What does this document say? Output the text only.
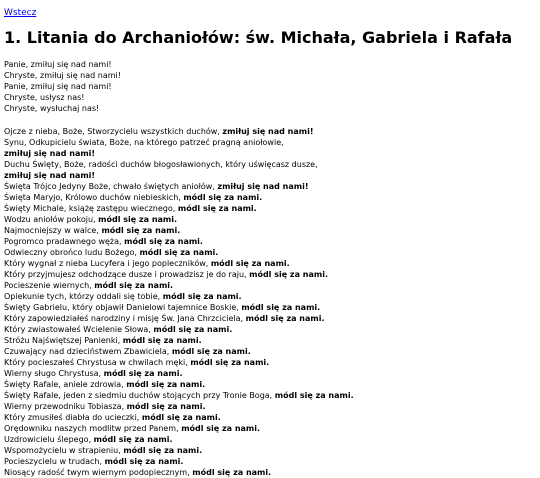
Wstecz
1. Litania do Archaniołów: św. Michała, Gabriela i Rafała
Panie, zmiłuj się nad nami!
Chryste, zmiłuj się nad nami!
Panie, zmiłuj się nad nami!
Chryste, usłysz nas!
Chryste, wysłuchaj nas!
Ojcze z nieba, Boże, Stworzycielu wszystkich duchów, zmiłuj się nad nami!
Synu, Odkupicielu świata, Boże, na którego patrzeć pragną aniołowie, zmiłuj się nad nami!
Duchu Święty, Boże, radości duchów błogosławionych, który uświęcasz dusze, zmiłuj się nad nami!
Święta Trójco Jedyny Boże, chwało świętych aniołów, zmiłuj się nad nami!
Święta Maryjo, Królowo duchów niebieskich, módl się za nami.
Święty Michale, książę zastępu wiecznego, módl się za nami.
Wodzu aniołów pokoju, módl się za nami.
Najmocniejszy w walce, módl się za nami.
Pogromco pradawnego węża, módl się za nami.
Odwieczny obrońco ludu Bożego, módl się za nami.
Który wygnał z nieba Lucyfera i jego popleczników, módl się za nami.
Który przyjmujesz odchodzące dusze i prowadzisz je do raju, módl się za nami.
Pocieszenie wiernych, módl się za nami.
Opiekunie tych, którzy oddali się tobie, módl się za nami.
Święty Gabrielu, który objawił Danielowi tajemnice Boskie, módl się za nami.
Który zapowiedziałeś narodziny i misję Św. Jana Chrzciciela, módl się za nami.
Który zwiastowałeś Wcielenie Słowa, módl się za nami.
Stróżu Najświętszej Panienki, módl się za nami.
Czuwający nad dzieciństwem Zbawiciela, módl się za nami.
Który pocieszałeś Chrystusa w chwilach męki, módl się za nami.
Wierny sługo Chrystusa, módl się za nami.
Święty Rafale, aniele zdrowia, módl się za nami.
Święty Rafale, jeden z siedmiu duchów stojących przy Tronie Boga, módl się za nami.
Wierny przewodniku Tobiasza, módl się za nami.
Który zmusiłeś diabła do ucieczki, módl się za nami.
Orędowniku naszych modlitw przed Panem, módl się za nami.
Uzdrowicielu ślepego, módl się za nami.
Wspomożycielu w strapieniu, módl się za nami.
Pocieszycielu w trudach, módl się za nami.
Niosący radość twym wiernym podopiecznym, módl się za nami.
